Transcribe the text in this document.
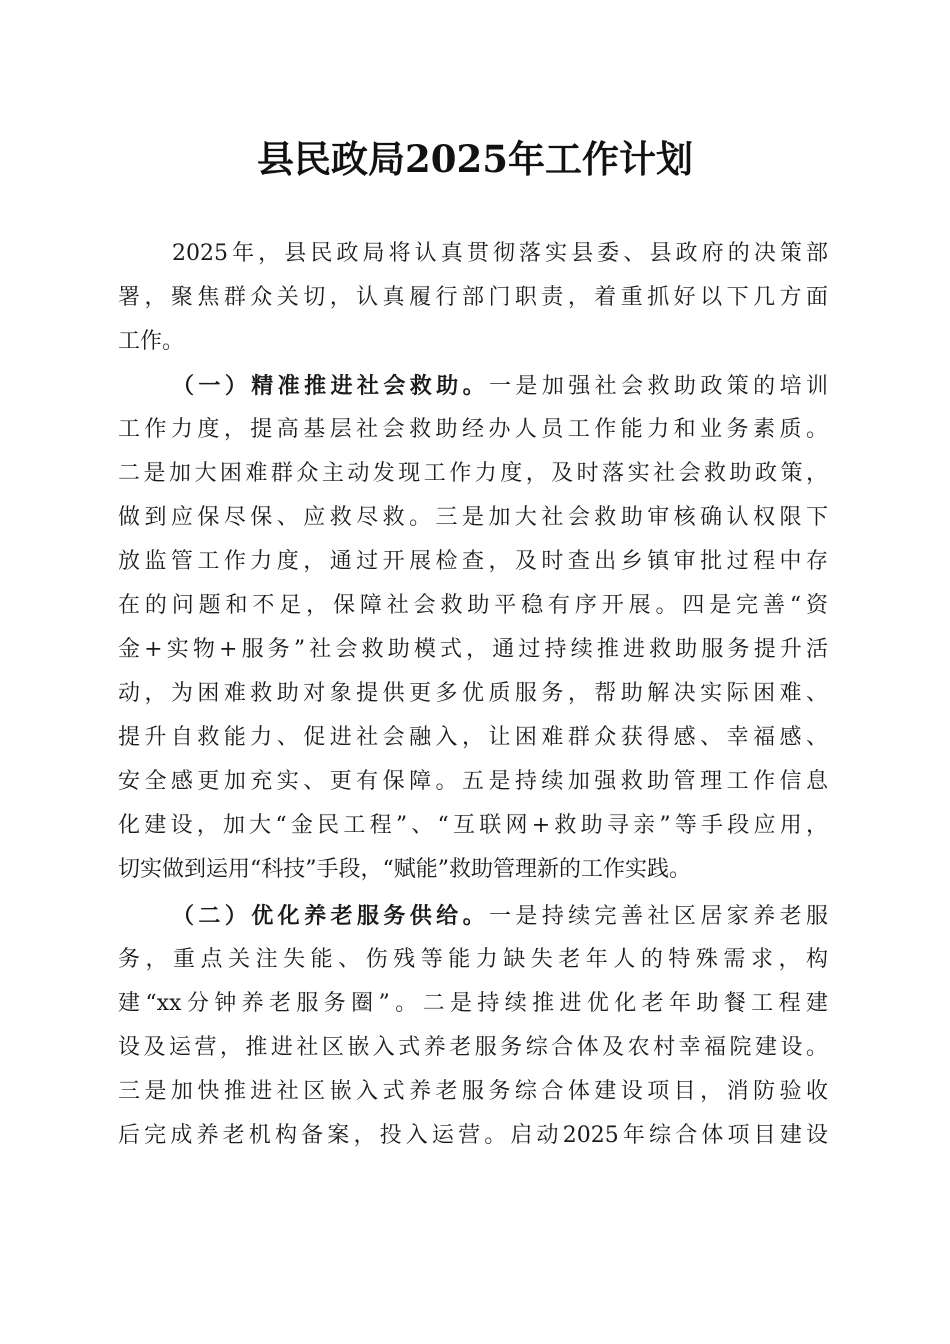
县民政局2025年工作计划
2025年，县民政局将认真贯彻落实县委、县政府的决策部
署，聚焦群众关切，认真履行部门职责，着重抓好以下几方面
工作。
（一）精准推进社会救助。一是加强社会救助政策的培训
工作力度，提高基层社会救助经办人员工作能力和业务素质。
二是加大困难群众主动发现工作力度，及时落实社会救助政策，
做到应保尽保、应救尽救。三是加大社会救助审核确认权限下
放监管工作力度，通过开展检查，及时查出乡镇审批过程中存
在的问题和不足，保障社会救助平稳有序开展。四是完善“资
金+实物+服务”社会救助模式，通过持续推进救助服务提升活
动，为困难救助对象提供更多优质服务，帮助解决实际困难、
提升自救能力、促进社会融入，让困难群众获得感、幸福感、
安全感更加充实、更有保障。五是持续加强救助管理工作信息
化建设，加大“金民工程”、“互联网+救助寻亲”等手段应用，
切实做到运用“科技”手段，“赋能”救助管理新的工作实践。
（二）优化养老服务供给。一是持续完善社区居家养老服
务，重点关注失能、伤残等能力缺失老年人的特殊需求，构
建“xx分钟养老服务圈”。二是持续推进优化老年助餐工程建
设及运营，推进社区嵌入式养老服务综合体及农村幸福院建设。
三是加快推进社区嵌入式养老服务综合体建设项目，消防验收
后完成养老机构备案，投入运营。启动2025年综合体项目建设
